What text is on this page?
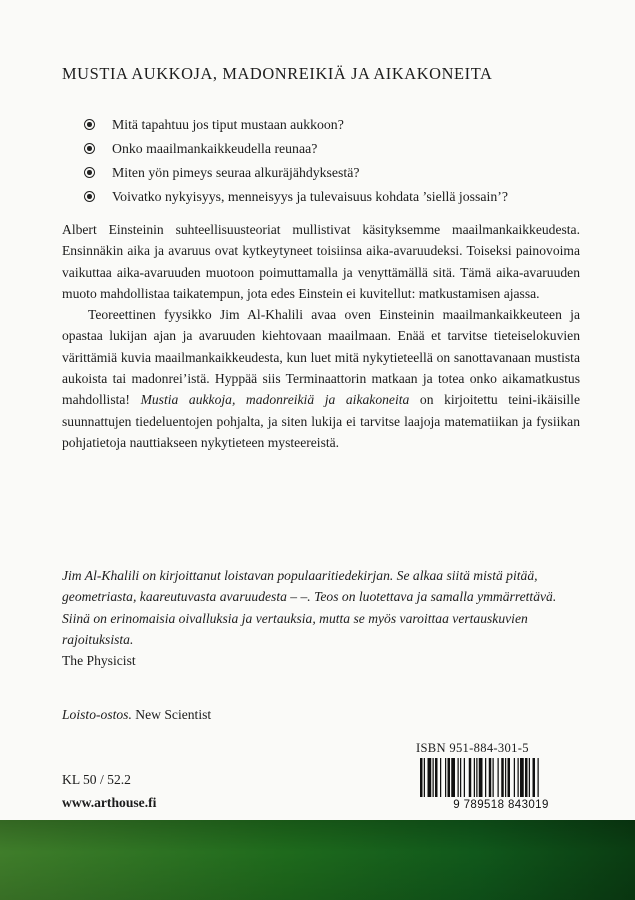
MUSTIA AUKKOJA, MADONREIKIÄ JA AIKAKONEITA
Mitä tapahtuu jos tiput mustaan aukkoon?
Onko maailmankaikkeudella reunaa?
Miten yön pimeys seuraa alkuräjähdyksestä?
Voivatko nykyisyys, menneisyys ja tulevaisuus kohdata ’siellä jossain’?

Albert Einsteinin suhteellisuusteoriat mullistivat käsityksemme maailmankaikkeudesta. Ensinnäkin aika ja avaruus ovat kytkeytyneet toisiinsa aika-avaruudeksi. Toiseksi painovoima vaikuttaa aika-avaruuden muotoon poimuttamalla ja venyttämällä sitä. Tämä aika-avaruuden muoto mahdollistaa taikatempun, jota edes Einstein ei kuvitellut: matkustamisen ajassa.

Teoreettinen fyysikko Jim Al-Khalili avaa oven Einsteinin maailmankaikkeuteen ja opastaa lukijan ajan ja avaruuden kiehtovaan maailmaan. Enää et tarvitse tieteiselokuvien värittämiä kuvia maailmankaikkeudesta, kun luet mitä nykytieteellä on sanottavanaan mustista aukoista tai madonrei’istä. Hyppää siis Terminaattorin matkaan ja totea onko aikamatkustus mahdollista! Mustia aukkoja, madonreikiä ja aikakoneita on kirjoitettu teini-ikäisille suunnattujen tiedeluentojen pohjalta, ja siten lukija ei tarvitse laajoja matematiikan ja fysiikan pohjatietoja nauttiakseen nykytieteen mysteereistä.

Jim Al-Khalili on kirjoittanut loistavan populaaritiedekirjan. Se alkaa siitä mistä pitää, geometriasta, kaareutuvasta avaruudesta – –. Teos on luotettava ja samalla ymmärrettävä. Siinä on erinomaisia oivalluksia ja vertauksia, mutta se myös varoittaa vertauskuvien rajoituksista.

The Physicist

Loisto-ostos. New Scientist
KL 50 / 52.2
www.arthouse.fi
ISBN 951-884-301-5
9 789518 843019
